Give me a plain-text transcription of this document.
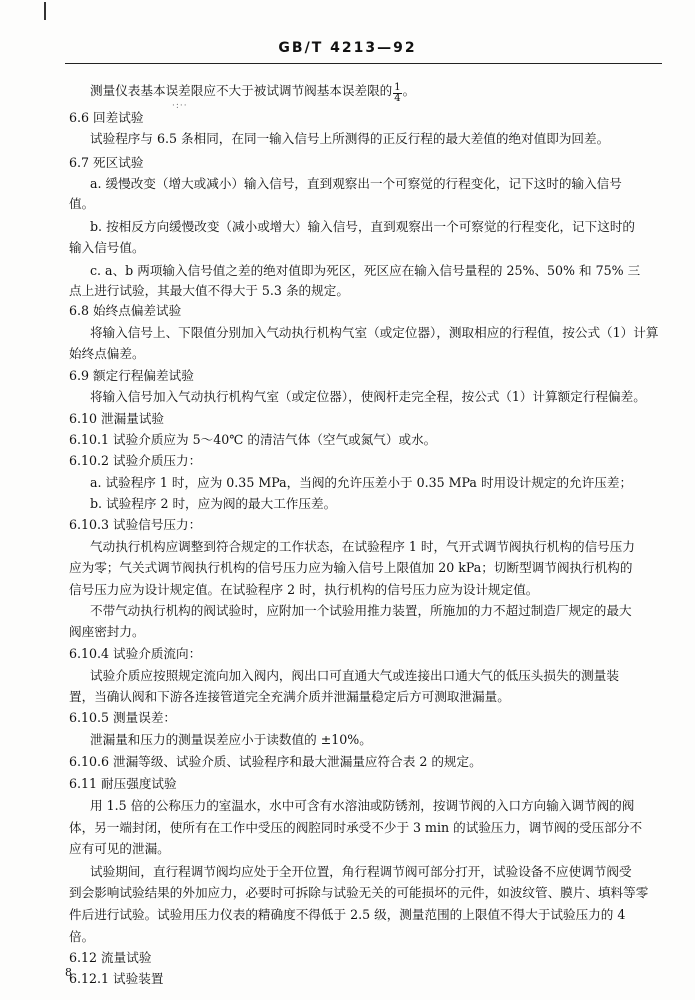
GB/T 4213—92
测量仪表基本误差限应不大于被试调节阀基本误差限的 $\frac{1}{4}$ 。
·:··
6.6 回差试验
试验程序与 6.5 条相同，在同一输入信号上所测得的正反行程的最大差值的绝对值即为回差。
6.7 死区试验
a. 缓慢改变（增大或减小）输入信号，直到观察出一个可察觉的行程变化，记下这时的输入信号
值。
b. 按相反方向缓慢改变（减小或增大）输入信号，直到观察出一个可察觉的行程变化，记下这时的
输入信号值。
c. a、b 两项输入信号值之差的绝对值即为死区，死区应在输入信号量程的 25%、50% 和 75% 三
点上进行试验，其最大值不得大于 5.3 条的规定。
6.8 始终点偏差试验
将输入信号上、下限值分别加入气动执行机构气室（或定位器），测取相应的行程值，按公式（1）计算
始终点偏差。
6.9 额定行程偏差试验
将输入信号加入气动执行机构气室（或定位器），使阀杆走完全程，按公式（1）计算额定行程偏差。
6.10 泄漏量试验
6.10.1 试验介质应为 5～40℃ 的清洁气体（空气或氮气）或水。
6.10.2 试验介质压力：
a. 试验程序 1 时，应为 0.35 MPa，当阀的允许压差小于 0.35 MPa 时用设计规定的允许压差；
b. 试验程序 2 时，应为阀的最大工作压差。
6.10.3 试验信号压力：
气动执行机构应调整到符合规定的工作状态，在试验程序 1 时，气开式调节阀执行机构的信号压力
应为零；气关式调节阀执行机构的信号压力应为输入信号上限值加 20 kPa；切断型调节阀执行机构的
信号压力应为设计规定值。在试验程序 2 时，执行机构的信号压力应为设计规定值。
不带气动执行机构的阀试验时，应附加一个试验用推力装置，所施加的力不超过制造厂规定的最大
阀座密封力。
6.10.4 试验介质流向：
试验介质应按照规定流向加入阀内，阀出口可直通大气或连接出口通大气的低压头损失的测量装
置，当确认阀和下游各连接管道完全充满介质并泄漏量稳定后方可测取泄漏量。
6.10.5 测量误差：
泄漏量和压力的测量误差应小于读数值的 ±10%。
6.10.6 泄漏等级、试验介质、试验程序和最大泄漏量应符合表 2 的规定。
6.11 耐压强度试验
用 1.5 倍的公称压力的室温水，水中可含有水溶油或防锈剂，按调节阀的入口方向输入调节阀的阀
体，另一端封闭，使所有在工作中受压的阀腔同时承受不少于 3 min 的试验压力，调节阀的受压部分不
应有可见的泄漏。
试验期间，直行程调节阀均应处于全开位置，角行程调节阀可部分打开，试验设备不应使调节阀受
到会影响试验结果的外加应力，必要时可拆除与试验无关的可能损坏的元件，如波纹管、膜片、填料等零
件后进行试验。试验用压力仪表的精确度不得低于 2.5 级，测量范围的上限值不得大于试验压力的 4
倍。
6.12 流量试验
6.12.1 试验装置
8
